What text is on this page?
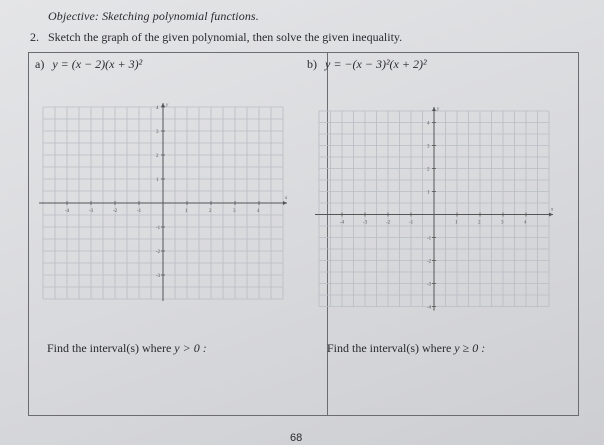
Objective: Sketching polynomial functions.
2. Sketch the graph of the given polynomial, then solve the given inequality.
a) y = (x − 2)(x + 3)²
x
y
-4	-3	-2	-1	1	2	3	4
4
3
2
1
-1
-2
-3
Find the interval(s) where y > 0 :
b) y = −(x − 3)²(x + 2)²
x
y
-4	-3	-2	-1	1	2	3	4
4
3
2
1
-1
-2
-3
-4
Find the interval(s) where y ≥ 0 :
68
